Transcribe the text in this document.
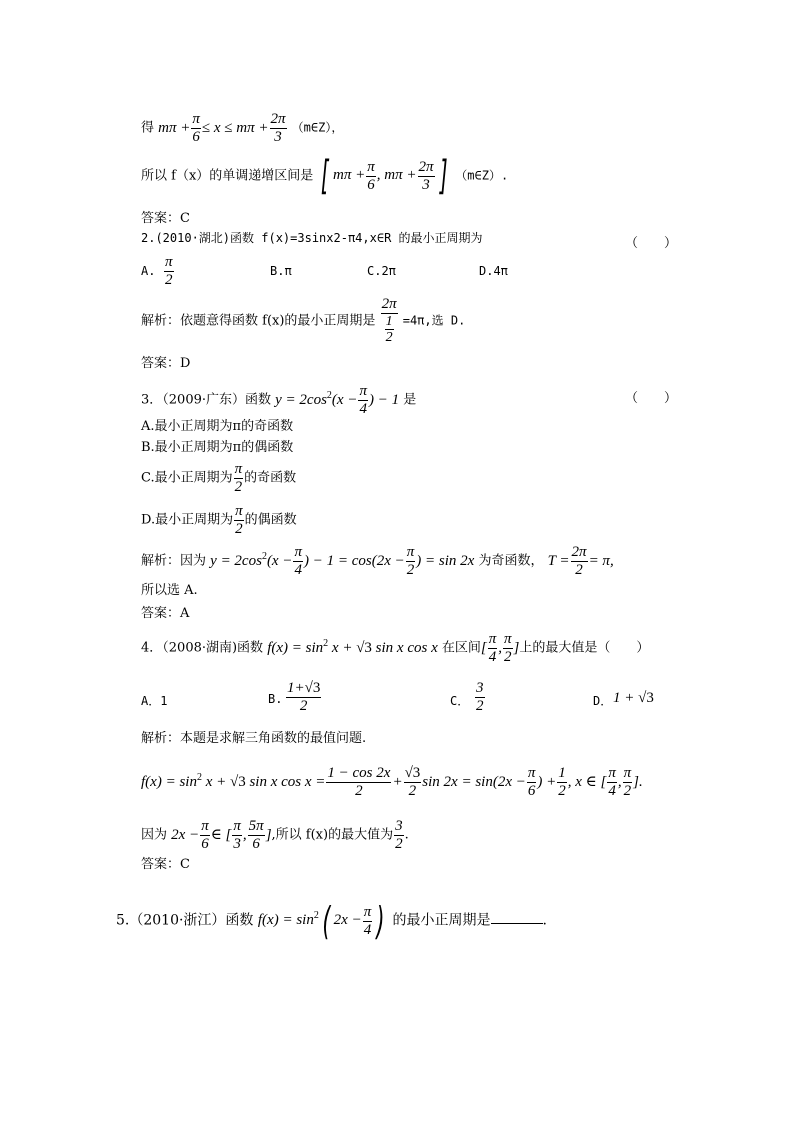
得 $m\pi + \frac{\pi}{6} \le x \le m\pi + \frac{2\pi}{3}$ （m∈Z），
所以 f（x）的单调递增区间是 [ $m\pi + \frac{\pi}{6}$ , $m\pi + \frac{2\pi}{3}$ ] （m∈Z）.
答案：C
2.(2010·湖北)函数 f(x)=3sinx2-π4,x∈R 的最小正周期为	（　　）
A. $\frac{\pi}{2}$	B.π	C.2π	D.4π
解析：依题意得函数 f(x)的最小正周期是 $\frac{2\pi}{\frac{1}{2}} =4\pi$,选 D.
答案：D
3．（2009·广东）函数 $y = 2\cos^2(x - \frac{\pi}{4}$ ) − 1 是	（　　）
A.最小正周期为π的奇函数
B.最小正周期为π的偶函数
C.最小正周期为 $\frac{\pi}{2}$ 的奇函数
D.最小正周期为 $\frac{\pi}{2}$ 的偶函数
解析：因为 $y = 2\cos^2(x - \frac{\pi}{4}$ ) − $1 = \cos(2x - \frac{\pi}{2}$ ) = sin 2x 为奇函数， $T = \frac{2\pi}{2} = \pi$,
所以选 A.
答案：A
4．（2008·湖南)函数 $f(x) = \sin^2 x + √3$ sin x cos x 在区间[ $\frac{\pi}{4}$ , $\frac{\pi}{2}$ ]上的最大值是（　　）
A．1	B. $\frac{1+√3}{2}$	C． $\frac{3}{2}$	D． 1 + √3
解析：本题是求解三角函数的最值问题.
$f(x) = \sin^2 x + √3$ sin x $\cos x = \frac{1 - \cos 2x}{2} + \frac{√3}{2}$ $\sin 2x = \sin(2x - \frac{\pi}{6}$ ) + $\frac{1}{2}$ , x ∈ [ $\frac{\pi}{4}$ , $\frac{\pi}{2}$ ].
因为 $2x - \frac{\pi}{6}$ ∈ [ $\frac{\pi}{3}$ , $\frac{5\pi}{6}$ ],所以 f(x)的最大值为 $\frac{3}{2}$ .
答案：C
5.（2010·浙江）函数 $f(x) = \sin^2$( $2x - \frac{\pi}{4}$ ) 的最小正周期是	.
